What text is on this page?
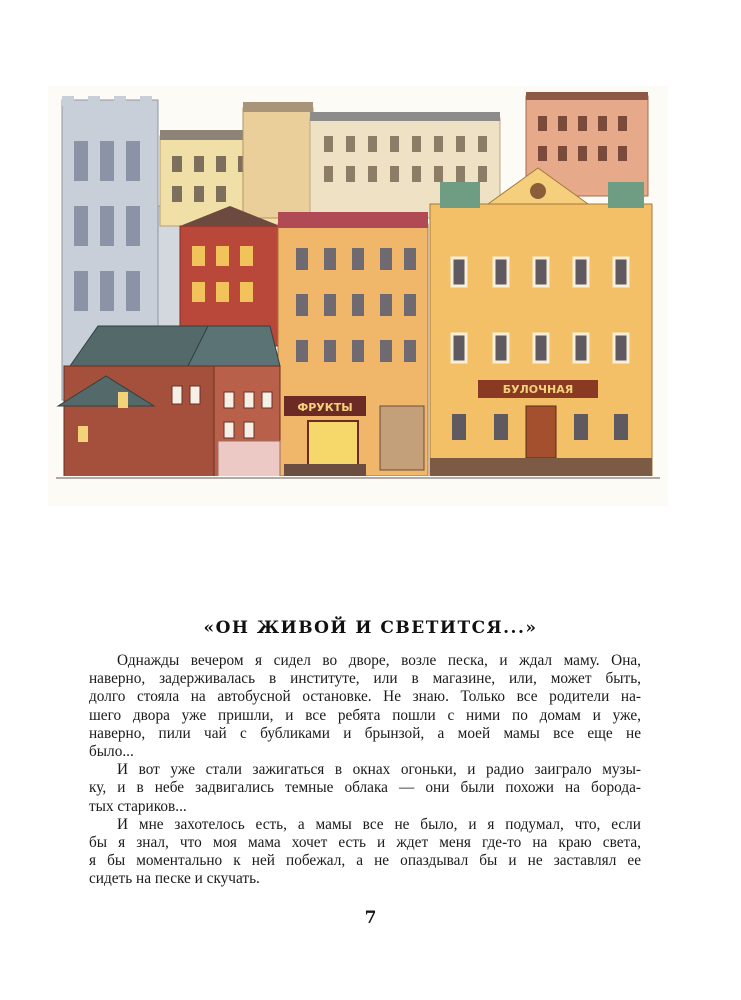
ФРУКТЫ
БУЛОЧНАЯ
«ОН ЖИВОЙ И СВЕТИТСЯ...»
Однажды вечером я сидел во дворе, возле песка, и ждал маму. Она,
наверно, задерживалась в институте, или в магазине, или, может быть,
долго стояла на автобусной остановке. Не знаю. Только все родители на-
шего двора уже пришли, и все ребята пошли с ними по домам и уже,
наверно, пили чай с бубликами и брынзой, а моей мамы все еще не
было...
И вот уже стали зажигаться в окнах огоньки, и радио заиграло музы-
ку, и в небе задвигались темные облака — они были похожи на борода-
тых стариков...
И мне захотелось есть, а мамы все не было, и я подумал, что, если
бы я знал, что моя мама хочет есть и ждет меня где-то на краю света,
я бы моментально к ней побежал, а не опаздывал бы и не заставлял ее
сидеть на песке и скучать.
7
